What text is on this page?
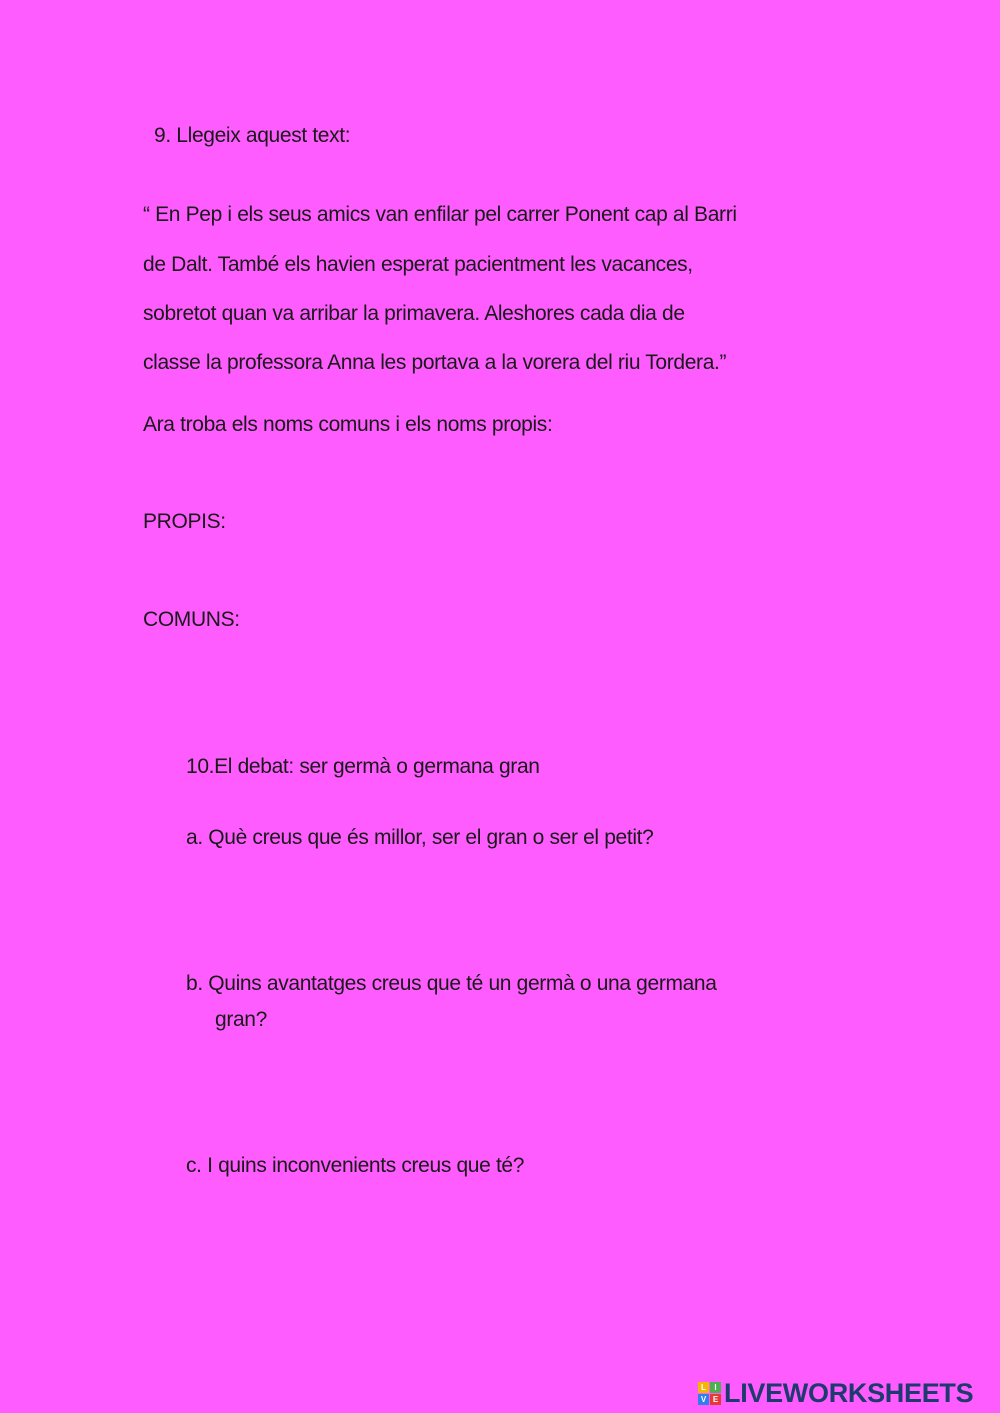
9. Llegeix aquest text:
“ En Pep i els seus amics van enfilar pel carrer Ponent cap al Barri
de Dalt. També els havien esperat pacientment les vacances,
sobretot quan va arribar la primavera. Aleshores cada dia de
classe la professora Anna les portava a la vorera del riu Tordera.”
Ara troba els noms comuns i els noms propis:
PROPIS:
COMUNS:
10.El debat: ser germà o germana gran
a. Què creus que és millor, ser el gran o ser el petit?
b. Quins avantatges creus que té un germà o una germana
gran?
c. I quins inconvenients creus que té?
L	I
V E LIVEWORKSHEETS
